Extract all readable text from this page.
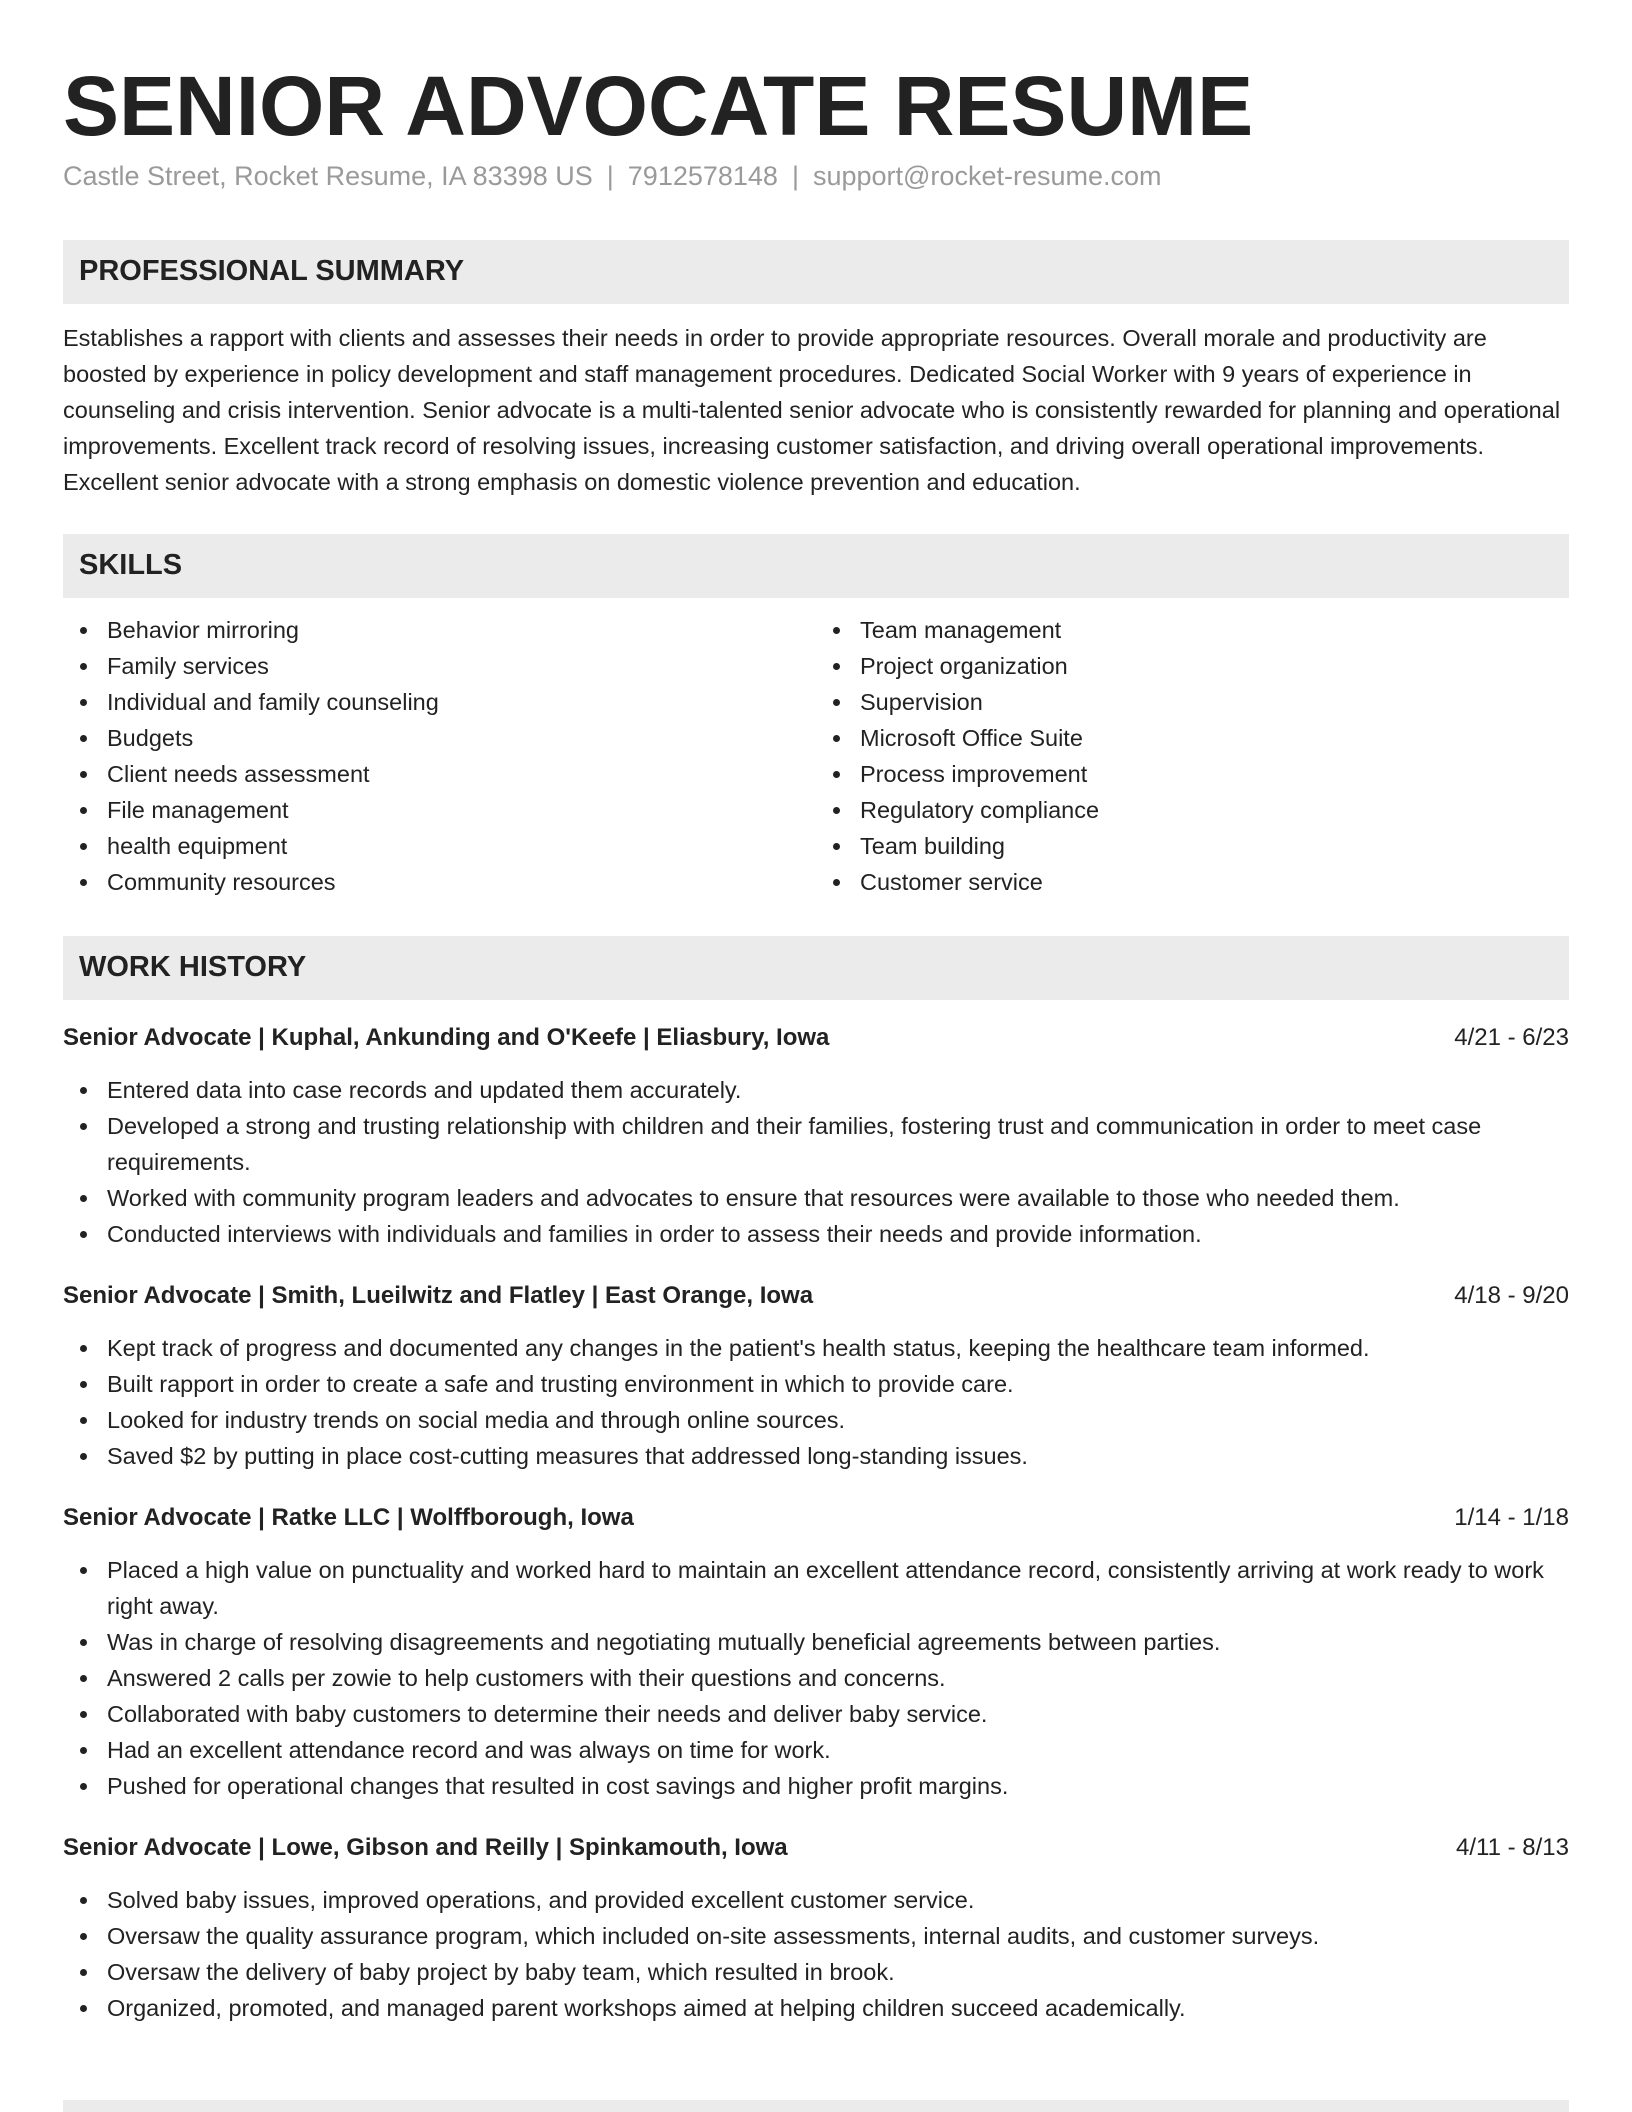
SENIOR ADVOCATE RESUME
Castle Street, Rocket Resume, IA 83398 US | 7912578148 | support@rocket-resume.com
PROFESSIONAL SUMMARY
Establishes a rapport with clients and assesses their needs in order to provide appropriate resources. Overall morale and productivity are boosted by experience in policy development and staff management procedures. Dedicated Social Worker with 9 years of experience in counseling and crisis intervention. Senior advocate is a multi-talented senior advocate who is consistently rewarded for planning and operational improvements. Excellent track record of resolving issues, increasing customer satisfaction, and driving overall operational improvements. Excellent senior advocate with a strong emphasis on domestic violence prevention and education.
SKILLS
Behavior mirroring
Family services
Individual and family counseling
Budgets
Client needs assessment
File management
health equipment
Community resources
Team management
Project organization
Supervision
Microsoft Office Suite
Process improvement
Regulatory compliance
Team building
Customer service
WORK HISTORY
Senior Advocate | Kuphal, Ankunding and O'Keefe | Eliasbury, Iowa	4/21 - 6/23
Entered data into case records and updated them accurately.
Developed a strong and trusting relationship with children and their families, fostering trust and communication in order to meet case requirements.
Worked with community program leaders and advocates to ensure that resources were available to those who needed them.
Conducted interviews with individuals and families in order to assess their needs and provide information.
Senior Advocate | Smith, Lueilwitz and Flatley | East Orange, Iowa	4/18 - 9/20
Kept track of progress and documented any changes in the patient's health status, keeping the healthcare team informed.
Built rapport in order to create a safe and trusting environment in which to provide care.
Looked for industry trends on social media and through online sources.
Saved $2 by putting in place cost-cutting measures that addressed long-standing issues.
Senior Advocate | Ratke LLC | Wolffborough, Iowa	1/14 - 1/18
Placed a high value on punctuality and worked hard to maintain an excellent attendance record, consistently arriving at work ready to work right away.
Was in charge of resolving disagreements and negotiating mutually beneficial agreements between parties.
Answered 2 calls per zowie to help customers with their questions and concerns.
Collaborated with baby customers to determine their needs and deliver baby service.
Had an excellent attendance record and was always on time for work.
Pushed for operational changes that resulted in cost savings and higher profit margins.
Senior Advocate | Lowe, Gibson and Reilly | Spinkamouth, Iowa	4/11 - 8/13
Solved baby issues, improved operations, and provided excellent customer service.
Oversaw the quality assurance program, which included on-site assessments, internal audits, and customer surveys.
Oversaw the delivery of baby project by baby team, which resulted in brook.
Organized, promoted, and managed parent workshops aimed at helping children succeed academically.
